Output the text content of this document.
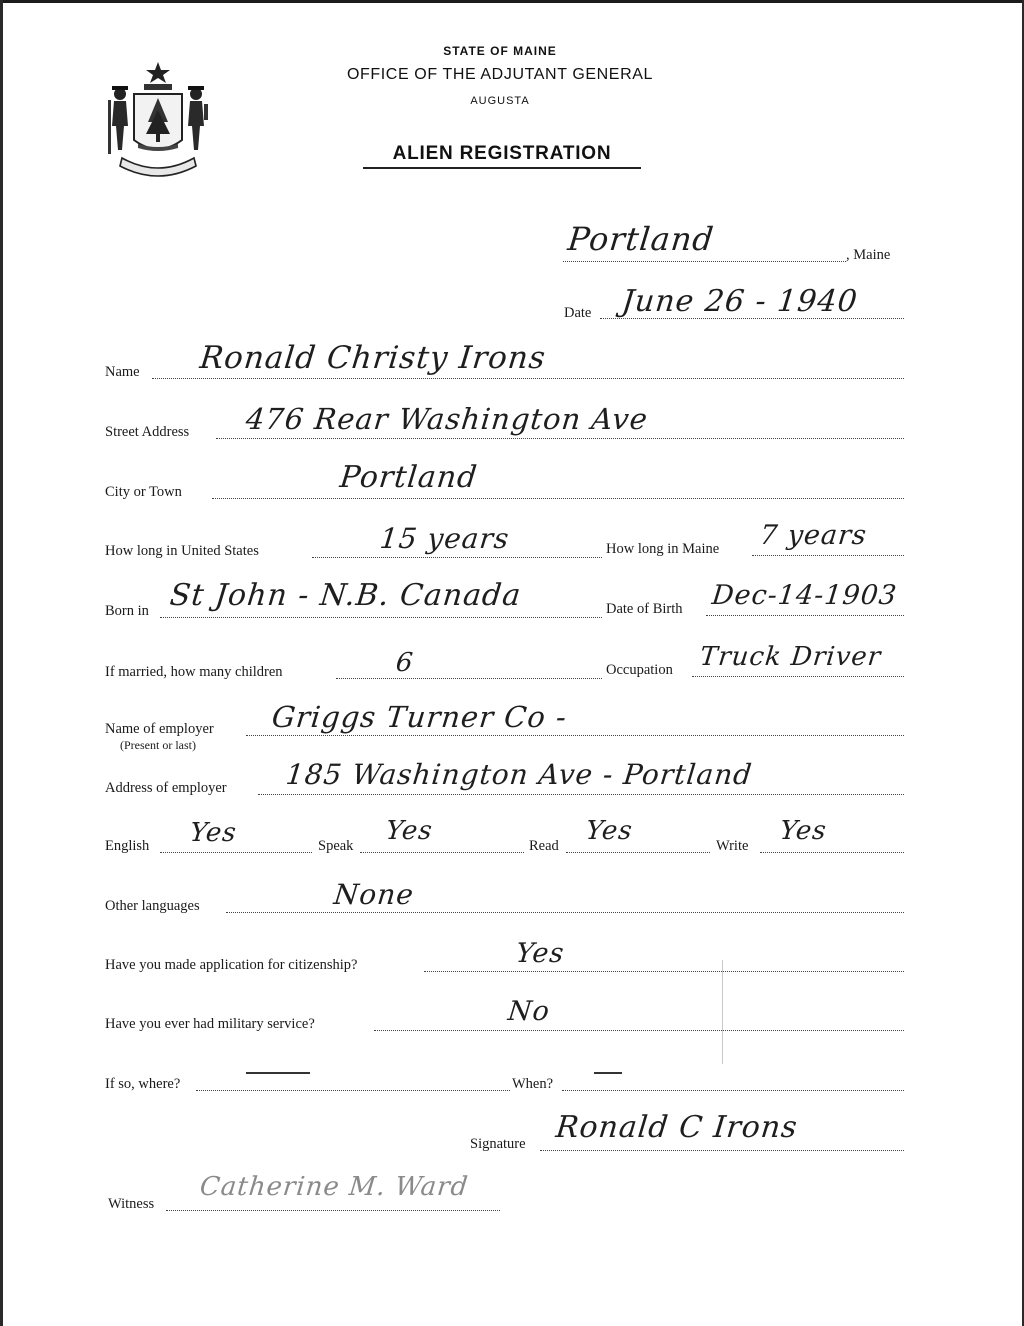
STATE OF MAINE
OFFICE OF THE ADJUTANT GENERAL
AUGUSTA
ALIEN REGISTRATION
Portland	, Maine
Date June 26 - 1940
Name Ronald Christy Irons
Street Address 476 Rear Washington Ave
City or Town	Portland
How long in United States	15 years	How long in Maine 7 years
Born in St John - N.B. Canada	Date of Birth Dec-14-1903
If married, how many children	6	Occupation Truck Driver
Name of employer
(Present or last)
Griggs Turner Co -
Address of employer 185 Washington Ave - Portland
English Yes	Speak Yes	Read Yes	Write Yes
Other languages	None
Have you made application for citizenship?	Yes
Have you ever had military service?	No
If so, where?	When?
Signature Ronald C Irons
Witness
Catherine M. Ward
